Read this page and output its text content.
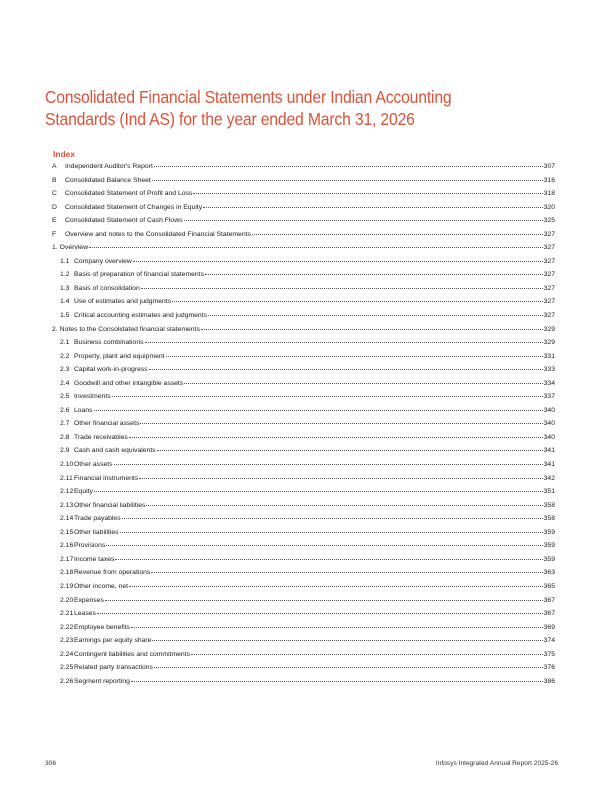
Consolidated Financial Statements under Indian Accounting Standards (Ind AS) for the year ended March 31, 2026
Index
A	Independent Auditor's Report	307
B	Consolidated Balance Sheet	316
C	Consolidated Statement of Profit and Loss	318
D	Consolidated Statement of Changes in Equity	320
E	Consolidated Statement of Cash Flows	325
F	Overview and notes to the Consolidated Financial Statements	327
1. Overview	327
1.1 Company overview	327
1.2 Basis of preparation of financial statements	327
1.3 Basis of consolidation	327
1.4 Use of estimates and judgments	327
1.5 Critical accounting estimates and judgments	327
2. Notes to the Consolidated financial statements	329
2.1 Business combinations	329
2.2 Property, plant and equipment	331
2.3 Capital work-in-progress	333
2.4 Goodwill and other intangible assets	334
2.5 Investments	337
2.6 Loans	340
2.7 Other financial assets	340
2.8 Trade receivables	340
2.9 Cash and cash equivalents	341
2.10 Other assets	341
2.11 Financial instruments	342
2.12 Equity	351
2.13 Other financial liabilities	358
2.14 Trade payables	358
2.15 Other liabilities	359
2.16 Provisions	359
2.17 Income taxes	359
2.18 Revenue from operations	363
2.19 Other income, net	365
2.20 Expenses	367
2.21 Leases	367
2.22 Employee benefits	369
2.23 Earnings per equity share	374
2.24 Contingent liabilities and commitments	375
2.25 Related party transactions	376
2.26 Segment reporting	386
306	Infosys Integrated Annual Report 2025-26
